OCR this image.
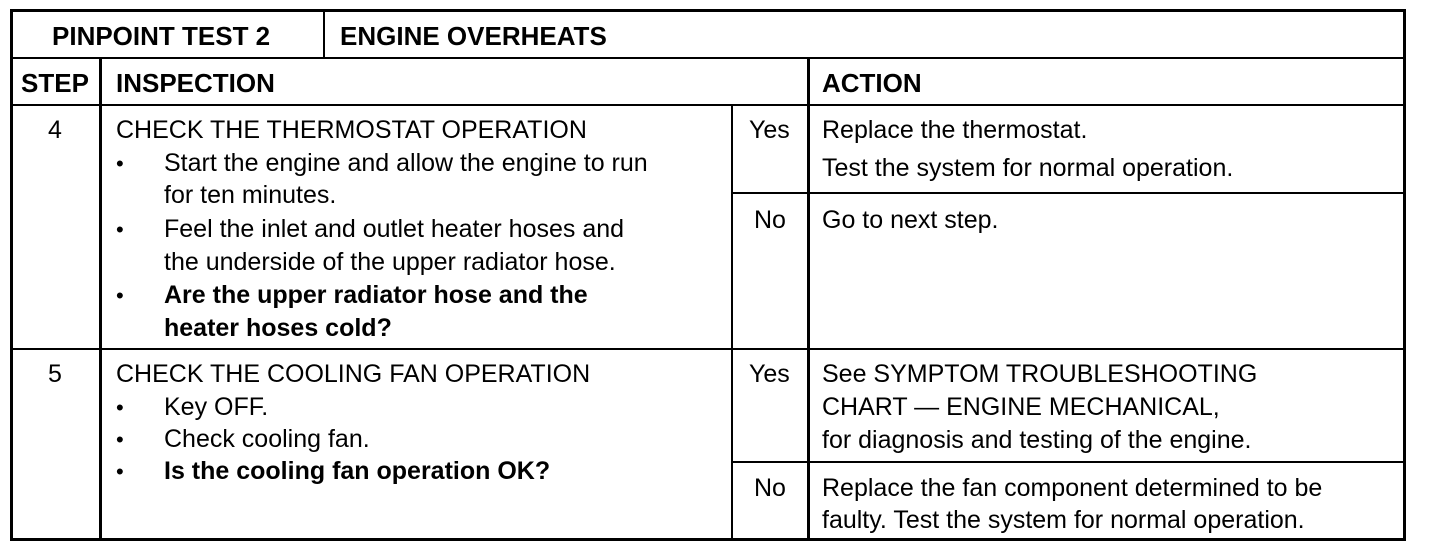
PINPOINT TEST 2	ENGINE OVERHEATS
STEP INSPECTION	ACTION
4 CHECK THE THERMOSTAT OPERATION
• Start the engine and allow the engine to run
for ten minutes.
• Feel the inlet and outlet heater hoses and
the underside of the upper radiator hose.
• Are the upper radiator hose and the
heater hoses cold?
Yes Replace the thermostat.
Test the system for normal operation.
No Go to next step.
5 CHECK THE COOLING FAN OPERATION
• Key OFF.
• Check cooling fan.
• Is the cooling fan operation OK?
Yes See SYMPTOM TROUBLESHOOTING
CHART — ENGINE MECHANICAL,
for diagnosis and testing of the engine.
No Replace the fan component determined to be
faulty. Test the system for normal operation.
